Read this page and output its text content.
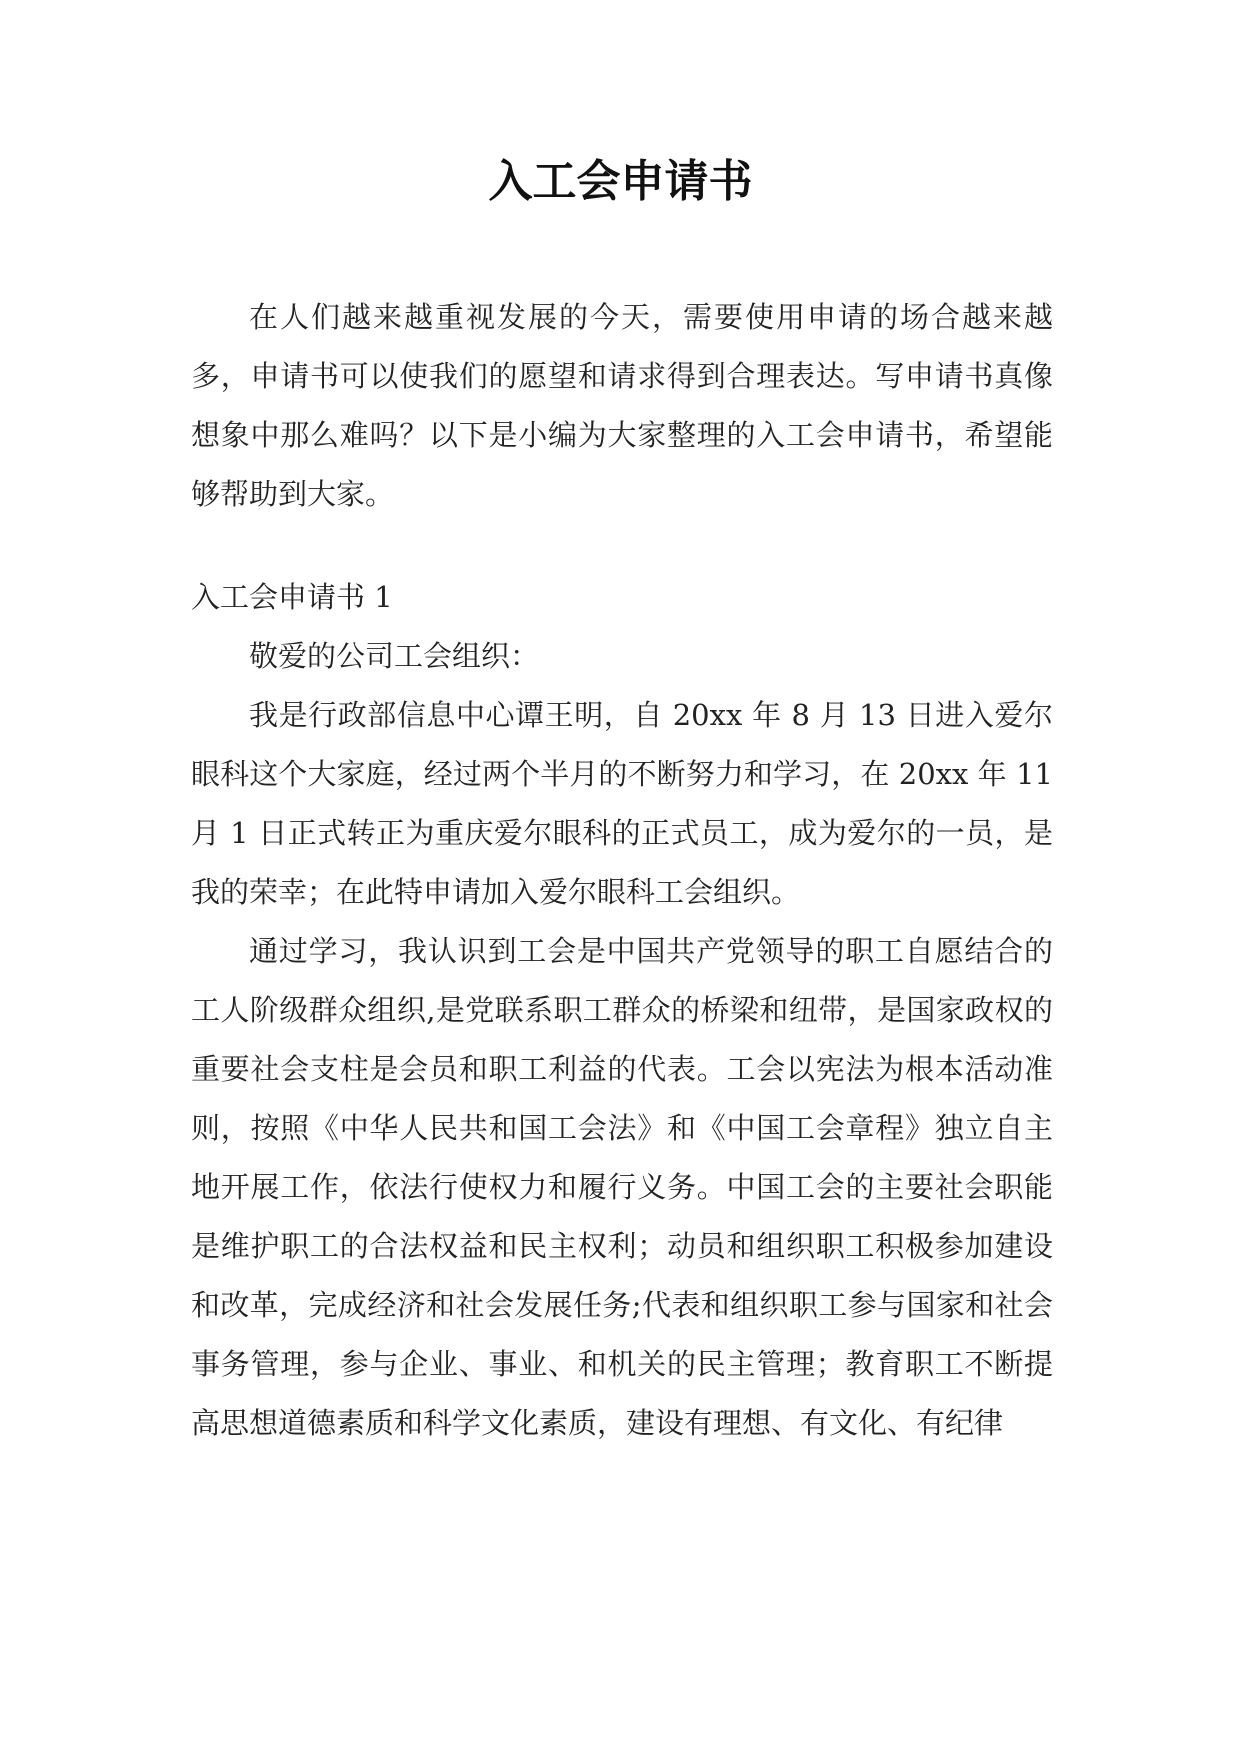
入工会申请书

在人们越来越重视发展的今天，需要使用申请的场合越来越多，申请书可以使我们的愿望和请求得到合理表达。写申请书真像想象中那么难吗？以下是小编为大家整理的入工会申请书，希望能够帮助到大家。

入工会申请书 1

敬爱的公司工会组织：

我是行政部信息中心谭王明，自 20xx 年 8 月 13 日进入爱尔眼科这个大家庭，经过两个半月的不断努力和学习，在 20xx 年 11 月 1 日正式转正为重庆爱尔眼科的正式员工，成为爱尔的一员，是我的荣幸；在此特申请加入爱尔眼科工会组织。

通过学习，我认识到工会是中国共产党领导的职工自愿结合的工人阶级群众组织,是党联系职工群众的桥梁和纽带，是国家政权的重要社会支柱是会员和职工利益的代表。工会以宪法为根本活动准则，按照《中华人民共和国工会法》和《中国工会章程》独立自主地开展工作，依法行使权力和履行义务。中国工会的主要社会职能是维护职工的合法权益和民主权利；动员和组织职工积极参加建设和改革，完成经济和社会发展任务;代表和组织职工参与国家和社会事务管理，参与企业、事业、和机关的民主管理；教育职工不断提高思想道德素质和科学文化素质，建设有理想、有文化、有纪律
